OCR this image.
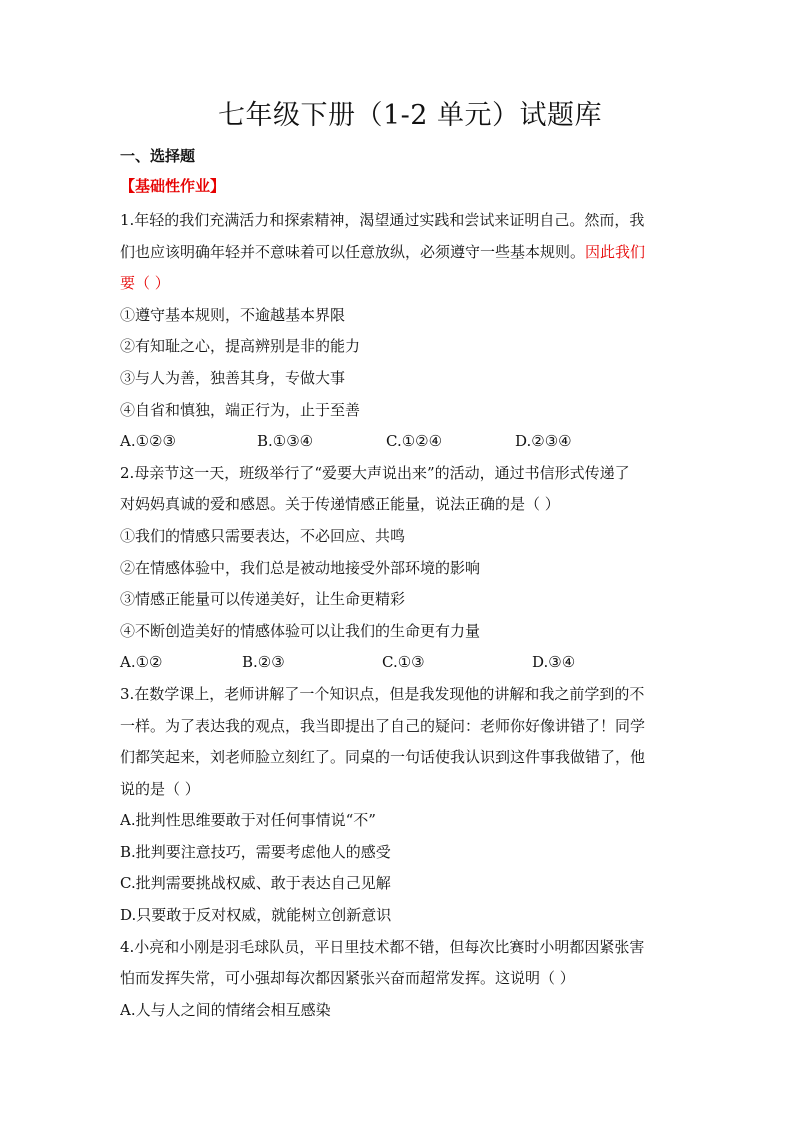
七年级下册（1-2 单元）试题库
一、选择题
【基础性作业】
1.年轻的我们充满活力和探索精神，渴望通过实践和尝试来证明自己。然而，我
们也应该明确年轻并不意味着可以任意放纵，必须遵守一些基本规则。因此我们
要（ ）
①遵守基本规则，不逾越基本界限
②有知耻之心，提高辨别是非的能力
③与人为善，独善其身，专做大事
④自省和慎独，端正行为，止于至善
A.①②③	B.①③④	C.①②④	D.②③④
2.母亲节这一天，班级举行了“爱要大声说出来”的活动，通过书信形式传递了
对妈妈真诚的爱和感恩。关于传递情感正能量，说法正确的是（ ）
①我们的情感只需要表达，不必回应、共鸣
②在情感体验中，我们总是被动地接受外部环境的影响
③情感正能量可以传递美好，让生命更精彩
④不断创造美好的情感体验可以让我们的生命更有力量
A.①②	B.②③	C.①③	D.③④
3.在数学课上，老师讲解了一个知识点，但是我发现他的讲解和我之前学到的不
一样。为了表达我的观点，我当即提出了自己的疑问：老师你好像讲错了！同学
们都笑起来，刘老师脸立刻红了。同桌的一句话使我认识到这件事我做错了，他
说的是（ ）
A.批判性思维要敢于对任何事情说“不”
B.批判要注意技巧，需要考虑他人的感受
C.批判需要挑战权威、敢于表达自己见解
D.只要敢于反对权威，就能树立创新意识
4.小亮和小刚是羽毛球队员，平日里技术都不错，但每次比赛时小明都因紧张害
怕而发挥失常，可小强却每次都因紧张兴奋而超常发挥。这说明（ ）
A.人与人之间的情绪会相互感染
